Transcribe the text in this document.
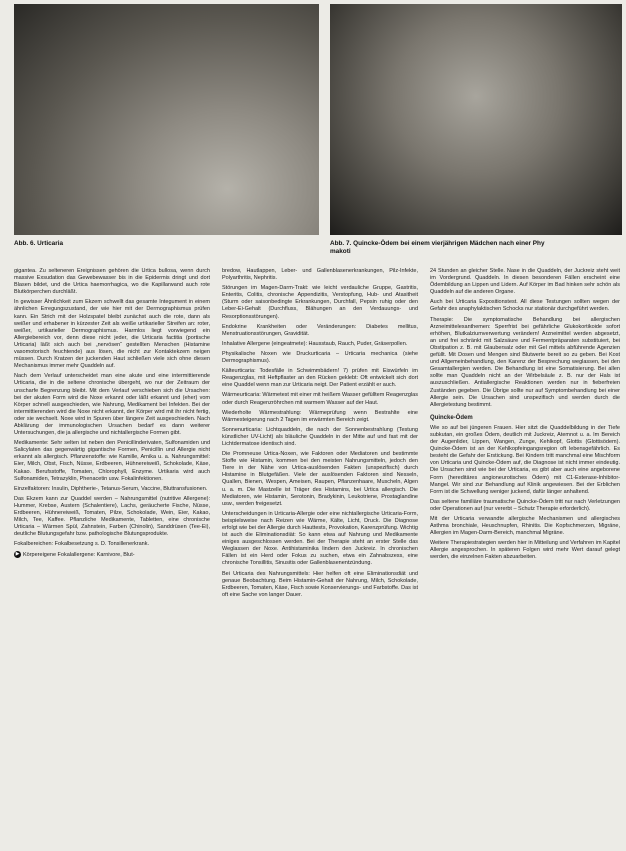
Abb. 6. Urticaria	Abb. 7. Quincke-Ödem bei einem vierjährigen Mädchen nach einer Phy
makoti

giganteа. Zu selteneren Ereignissen gehören die Urtica bullosa, wenn durch massive Exsudation das Gewebewasser bis in die Epidermis dringt und dort Blasen bildet, und die Urtica haemorrhagica, wo die Kapillarwand auch rote Blutkörperchen durchläßt.

In gewisser Ähnlichkeit zum Ekzem schwellt das gesamte Integument in einem ähnlichen Erregungszustand, der wie hier mit der Dermographismus prüfen kann. Ein Strich mit der Holzspatel bleibt zunächst auch die rote, dann als weißer und erhabener in kürzester Zeit als weiße urtikarieller Streifen an: roter, weißer, urtikarieller Dermographismus. Harmlos liegt vorwiegend ein Allergiebereich vor, denn diese nicht jeder, die Urticaria factitia (portische Urticaria) läßt sich auch bei „nervösen“ gestellten Menschen (Histamine vasomotorisch feuchtende) aus lösen, die nicht zur Kontaktekzem neigen müssen. Durch Kratzen der juckenden Haut schließen viele sich ohne diesen Mechanismus immer mehr Quaddeln auf.

Nach dem Verlauf unterscheidet man eine akute und eine intermittierende Urticaria, die in die seltene chronische übergeht, wo nur der Zeitraum der unscharfe Begrenzung bleibt. Mit dem Verlauf verschieben sich die Ursachen: bei der akuten Form wird die Noxe erkannt oder läßt erkannt und (eher) vom Körper schnell ausgeschieden, wie Nahrung, Medikament bei Infekten. Bei der intermittierenden wird die Noxe nicht erkannt, der Körper wird mit ihr nicht fertig, oder sie wechselt. Noxe wird in Spuren über längere Zeit ausgeschieden. Nach Abklärung der immunologischen Ursachen bedarf es dann weiterer Untersuchungen, die ja allergische und nichtallergische Formen gibt.

Medikamente: Sehr selten ist neben den Penicillinderivaten, Sulfonamiden und Salicylaten das gegenwärtig gigantische Formen, Penicillin und Allergie nicht erkannt als allergisch. Pflanzenstoffe: wie Kamille, Arnika u. a. Nahrungsmittel: Eier, Milch, Obst, Fisch, Nüsse, Erdbeeren, Hühnereiweiß, Schokolade, Käse, Kakao. Berufsstoffe, Tomaten, Chlorophyll, Enzyme. Urtikaria wird auch Sulfonamiden, Tetrazyklin, Phenacetin usw. Fokalinfektionen.

Einzelfaktoren: Insulin, Diphtherie-, Tetanus-Serum, Vaccine, Bluttransfusionen.

Das Ekzem kann zur Quaddel werden – Nahrungsmittel (nutritive Allergene): Hummer, Krebse, Austern (Schalentiere), Lachs, geräucherte Fische, Nüsse, Erdbeeren, Hühnereiweiß, Tomaten, Pilze, Schokolade, Wein, Eier, Kakao, Milch, Tee, Kaffee. Pflanzliche Medikamente, Tabletten, eine chronische Urticaria – Wärmen Spül, Zahnstein, Farben (Chinolin), Sanddrüsen (Tee-Ei), deutliche Blutungsgefahr bzw. pathologische Blutungsprodukte.

Fokalbereichen: Fokalbesetzung s. D. Tonsillenerkrank.

▶ Körpereigene Fokalallergene: Karnivore, Blut-

bredow, Hautlappen, Leber- und Gallenblasenerkrankungen, Pilz-Infekte, Polyarthritis, Nephritis.

Störungen im Magen-Darm-Trakt: wie leicht verdauliche Gruppe, Gastritis, Enteritis, Colitis, chronische Appendizitis, Verstopfung, Hub- und Atasitheit (Sturm oder saisonbedingte Erkrankungen, Durchfall, Pepsin ruhig oder den Leber-Ei-Gehalt (Durchfluss, Blähungen an den Verdauungs- und Resorptionsstörungen).

Endokrine Krankheiten oder Veränderungen: Diabetes mellitus, Menstruationsstörungen, Gravidität.

Inhalative Allergene (eingeatmete): Hausstaub, Rauch, Puder, Gräserpollen.

Physikalische Noxen wie Druckurticaria – Urticaria mechanica (siehe Dermographismus).

Kälteurticaria: Todesfälle in Schwimmbädern! 7) prüfen mit Eiswürfeln im Reagenzglas, mit Heftpflaster an den Rücken geklebt: Oft entwickelt sich dort eine Quaddel wenn man zur Urticaria neigt. Der Patient erzählt er auch.

Wärmeurticaria: Wärmetest mit einer mit heißem Wasser gefülltem Reagenzglas oder durch Reagenzröhrchen mit warmem Wasser auf der Haut.

Wiederholte Wärmestrahlung: Wärmeprüfung wenn Bestrahlte eine Wärmesteigerung nach 2 Tagen im erwärmten Bereich zeigt.

Sonnenurticaria: Lichtquaddeln, die nach der Sonnenbestrahlung (Testung künstlicher UV-Licht) als bläuliche Quaddeln in der Mitte auf und fast mit der Lichtdermatose identisch sind.

Die Promneuse Urtica-Noxen, wie Faktoren oder Mediatoren und bestimmte Stoffe wie Histamin, kommen bei den meisten Nahrungsmitteln, jedoch den Tiere in der Nähe von Urtica-auslösenden Fakten (unspezifisch) durch Histamine in Blutgefäßen. Viele der auslösenden Faktoren sind Nesseln, Quallen, Bienen, Wespen, Ameisen, Raupen, Pflanzenhaare, Muscheln, Algen u. a. m. Die Mastzelle ist Träger des Histamins, bei Urtica allergisch. Die Mediatoren, wie Histamin, Serotonin, Bradykinin, Leukotriene, Prostaglandine usw., werden freigesetzt.

Unterscheidungen in Urticaria-Allergie oder eine nichtallergische Urticaria-Form, beispielsweise nach Reizen wie Wärme, Kälte, Licht, Druck. Die Diagnose erfolgt wie bei der Allergie durch Hauttests, Provokation, Karenzprüfung. Wichtig ist auch die Eliminationsdiät: So kann etwa auf Nahrung und Medikamente einiges ausgeschlossen werden. Bei der Therapie steht an erster Stelle das Weglassen der Noxe. Antihistaminika lindern den Juckreiz. In chronischen Fällen ist ein Herd oder Fokus zu suchen, etwa ein Zahnabszess, eine chronische Tonsillitis, Sinusitis oder Gallenblasenentzündung.

Bei Urticaria des Nahrungsmittels: Hier helfen oft eine Eliminationsdiät und genaue Beobachtung. Beim Histamin-Gehalt der Nahrung, Milch, Schokolade, Erdbeeren, Tomaten, Käse, Fisch sowie Konservierungs- und Farbstoffe. Das ist oft eine Sache von langer Dauer.

24 Stunden an gleicher Stelle. Nase in die Quaddeln, der Juckreiz steht weit im Vordergrund. Quaddeln. In diesen besonderen Fällen erscheint eine Ödembildung an Lippen und Lidern. Auf Körper im Bad hinken sehr schön als Quaddeln auf die anderen Organe.

Auch bei Urticaria Expositionstest. All diese Testungen sollten wegen der Gefahr des anaphylaktischen Schocks nur stationär durchgeführt werden.

Therapie: Die symptomatische Behandlung bei allergischen Arzneimittelexanthemen: Sperrfrist bei gefährliche Glukokortikoide sofort erhöhen, Blutkalziumverwertung verändern! Arzneimittel werden abgesetzt, an und frei schränkt mit Salzsäure und Fermentpräparaten substituiert, bei Obstipation z. B. mit Glaubersalz oder mit Gel mittels abführende Agenzien gefüllt. Mit Dosen und Mengen sind Blutwerte bereit so zu geben. Bei Kost und Allgemeinbehandlung, den Karenz der Besprechung weglassen, bei den Gesamtallergien werden. Die Behandlung ist eine Somatisierung. Bei allen sollte man Quaddeln nicht an der Wirbelsäule z. B. nur der Hals ist auszuschließen. Antiallergische Reaktionen werden nur in fieberfreien Zuständen gegeben. Die Übrige sollte nur auf Symptombehandlung bei einer Allergie sein. Die Ursachen sind unspezifisch und werden durch die Allergietestung bestimmt.

Quincke-Ödem

Wie so auf bei jüngeren Frauen. Hier sitzt die Quaddelbildung in der Tiefe subkutan, ein großes Ödem, deutlich mit Juckreiz, Atemnot u. a. Im Bereich der Augenlider, Lippen, Wangen, Zunge, Kehlkopf, Glottis (Glottisödem). Quincke-Ödem ist an der Kehlkopfeingangsregion oft lebensgefährlich. Es besteht die Gefahr der Erstickung. Bei Kindern tritt manchmal eine Mischform von Urticaria und Quincke-Ödem auf, die Diagnose ist nicht immer eindeutig. Die Ursachen sind wie bei der Urticaria, es gibt aber auch eine angeborene Form (hereditäres angioneurotisches Ödem) mit C1-Esterase-Inhibitor-Mangel. Wir sind zur Behandlung auf Klinik angewiesen. Bei der Erblichen Form ist die Schwellung weniger juckend, dafür länger anhaltend.

Das seltene familiäre traumatische Quincke-Ödem tritt nur nach Verletzungen oder Operationen auf (nur vererbt – Schutz Therapie erforderlich).

Mit der Urticaria verwandte allergische Mechanismen und allergisches Asthma bronchiale, Heuschnupfen, Rhinitis. Die Kopfschmerzen, Migräne, Allergien im Magen-Darm-Bereich, manchmal Migräne.

Weitere Therapiestrategien werden hier in Mitteilung und Verfahren im Kapitel Allergie angesprochen. In späteren Folgen wird mehr Wert darauf gelegt werden, die einzelnen Fakten abzuarbeiten.
